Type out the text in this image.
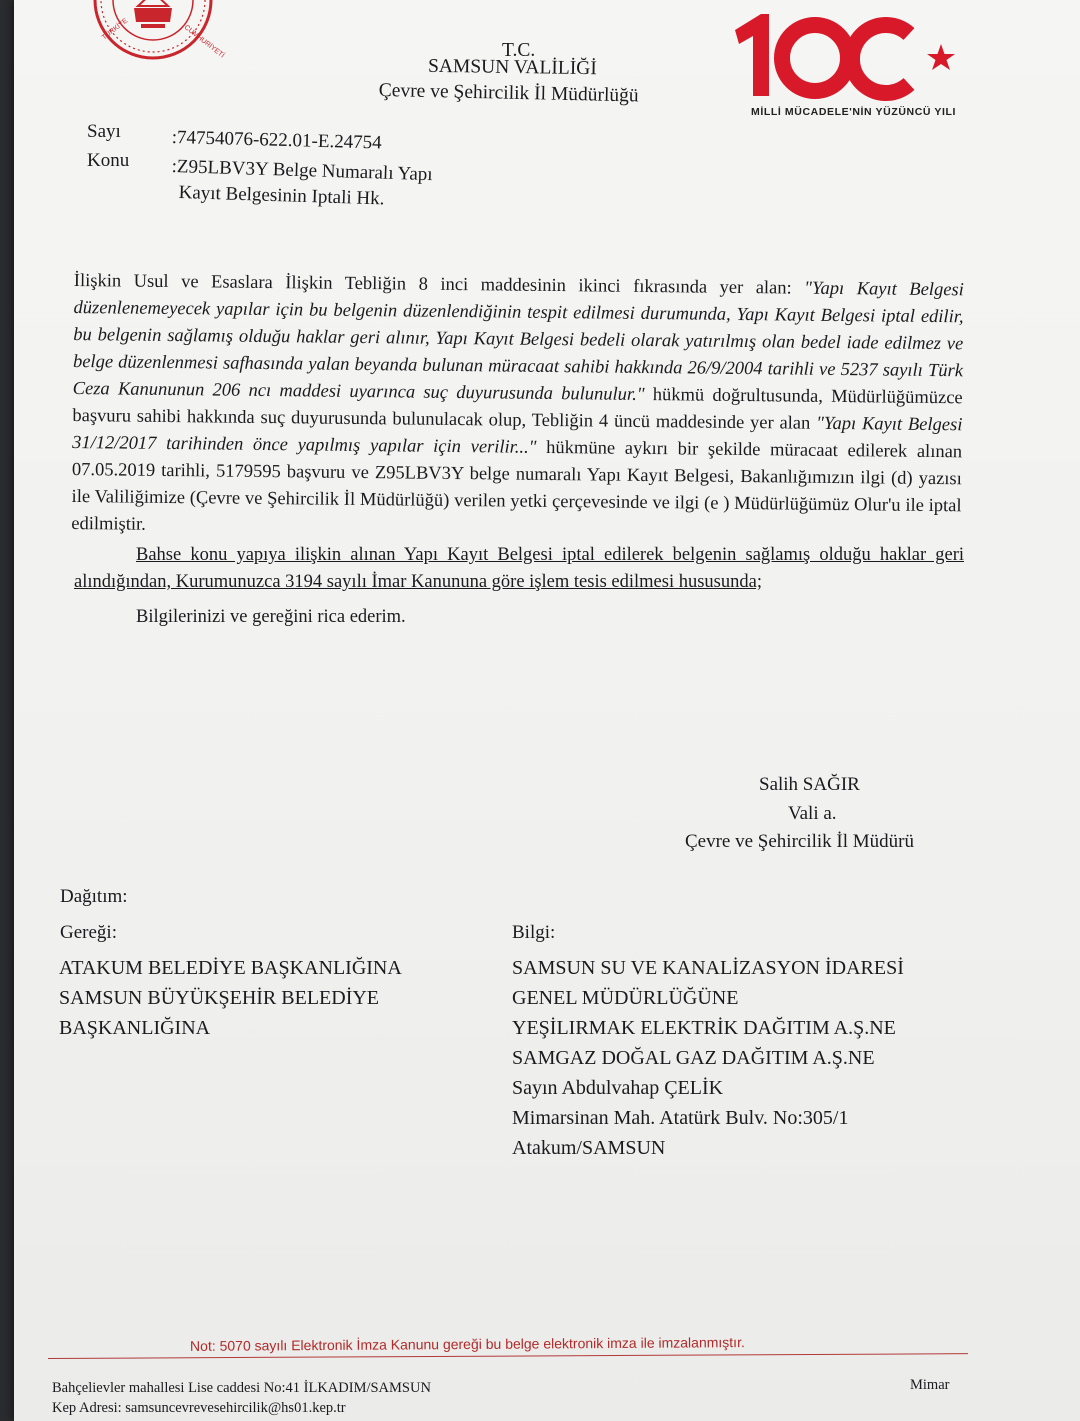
TÜRKİYE	CUMHURİYETİ	T.C.
SAMSUN VALİLİĞİ
Çevre ve Şehircilik İl Müdürlüğü
MİLLİ MÜCADELE'NİN YÜZÜNCÜ YILI
Sayı	:74754076-622.01-E.24754
Konu :Z95LBV3Y Belge Numaralı Yapı
Kayıt Belgesinin Iptali Hk.

İlişkin Usul ve Esaslara İlişkin Tebliğin 8 inci maddesinin ikinci fıkrasında yer alan: "Yapı Kayıt Belgesi düzenlenemeyecek yapılar için bu belgenin düzenlendiğinin tespit edilmesi durumunda, Yapı Kayıt Belgesi iptal edilir, bu belgenin sağlamış olduğu haklar geri alınır, Yapı Kayıt Belgesi bedeli olarak yatırılmış olan bedel iade edilmez ve belge düzenlenmesi safhasında yalan beyanda bulunan müracaat sahibi hakkında 26/9/2004 tarihli ve 5237 sayılı Türk Ceza Kanununun 206 ncı maddesi uyarınca suç duyurusunda bulunulur." hükmü doğrultusunda, Müdürlüğümüzce başvuru sahibi hakkında suç duyurusunda bulunulacak olup, Tebliğin 4 üncü maddesinde yer alan "Yapı Kayıt Belgesi 31/12/2017 tarihinden önce yapılmış yapılar için verilir..." hükmüne aykırı bir şekilde müracaat edilerek alınan 07.05.2019 tarihli, 5179595 başvuru ve Z95LBV3Y belge numaralı Yapı Kayıt Belgesi, Bakanlığımızın ilgi (d) yazısı ile Valiliğimize (Çevre ve Şehircilik İl Müdürlüğü) verilen yetki çerçevesinde ve ilgi (e ) Müdürlüğümüz Olur'u ile iptal edilmiştir.

Bahse konu yapıya ilişkin alınan Yapı Kayıt Belgesi iptal edilerek belgenin sağlamış olduğu haklar geri alındığından, Kurumunuzca 3194 sayılı İmar Kanununa göre işlem tesis edilmesi hususunda;

Bilgilerinizi ve gereğini rica ederim.

Salih SAĞIR
Vali a.
Çevre ve Şehircilik İl Müdürü
Dağıtım:
Gereği:	Bilgi:
ATAKUM BELEDİYE BAŞKANLIĞINA
SAMSUN BÜYÜKŞEHİR BELEDİYE
BAŞKANLIĞINA
SAMSUN SU VE KANALİZASYON İDARESİ
GENEL MÜDÜRLÜĞÜNE
YEŞİLIRMAK ELEKTRİK DAĞITIM A.Ş.NE
SAMGAZ DOĞAL GAZ DAĞITIM A.Ş.NE
Sayın Abdulvahap ÇELİK
Mimarsinan Mah. Atatürk Bulv. No:305/1
Atakum/SAMSUN
Not: 5070 sayılı Elektronik İmza Kanunu gereği bu belge elektronik imza ile imzalanmıştır.
Bahçelievler mahallesi Lise caddesi No:41 İLKADIM/SAMSUN
Kep Adresi: samsuncevrevesehircilik@hs01.kep.tr
Mimar
